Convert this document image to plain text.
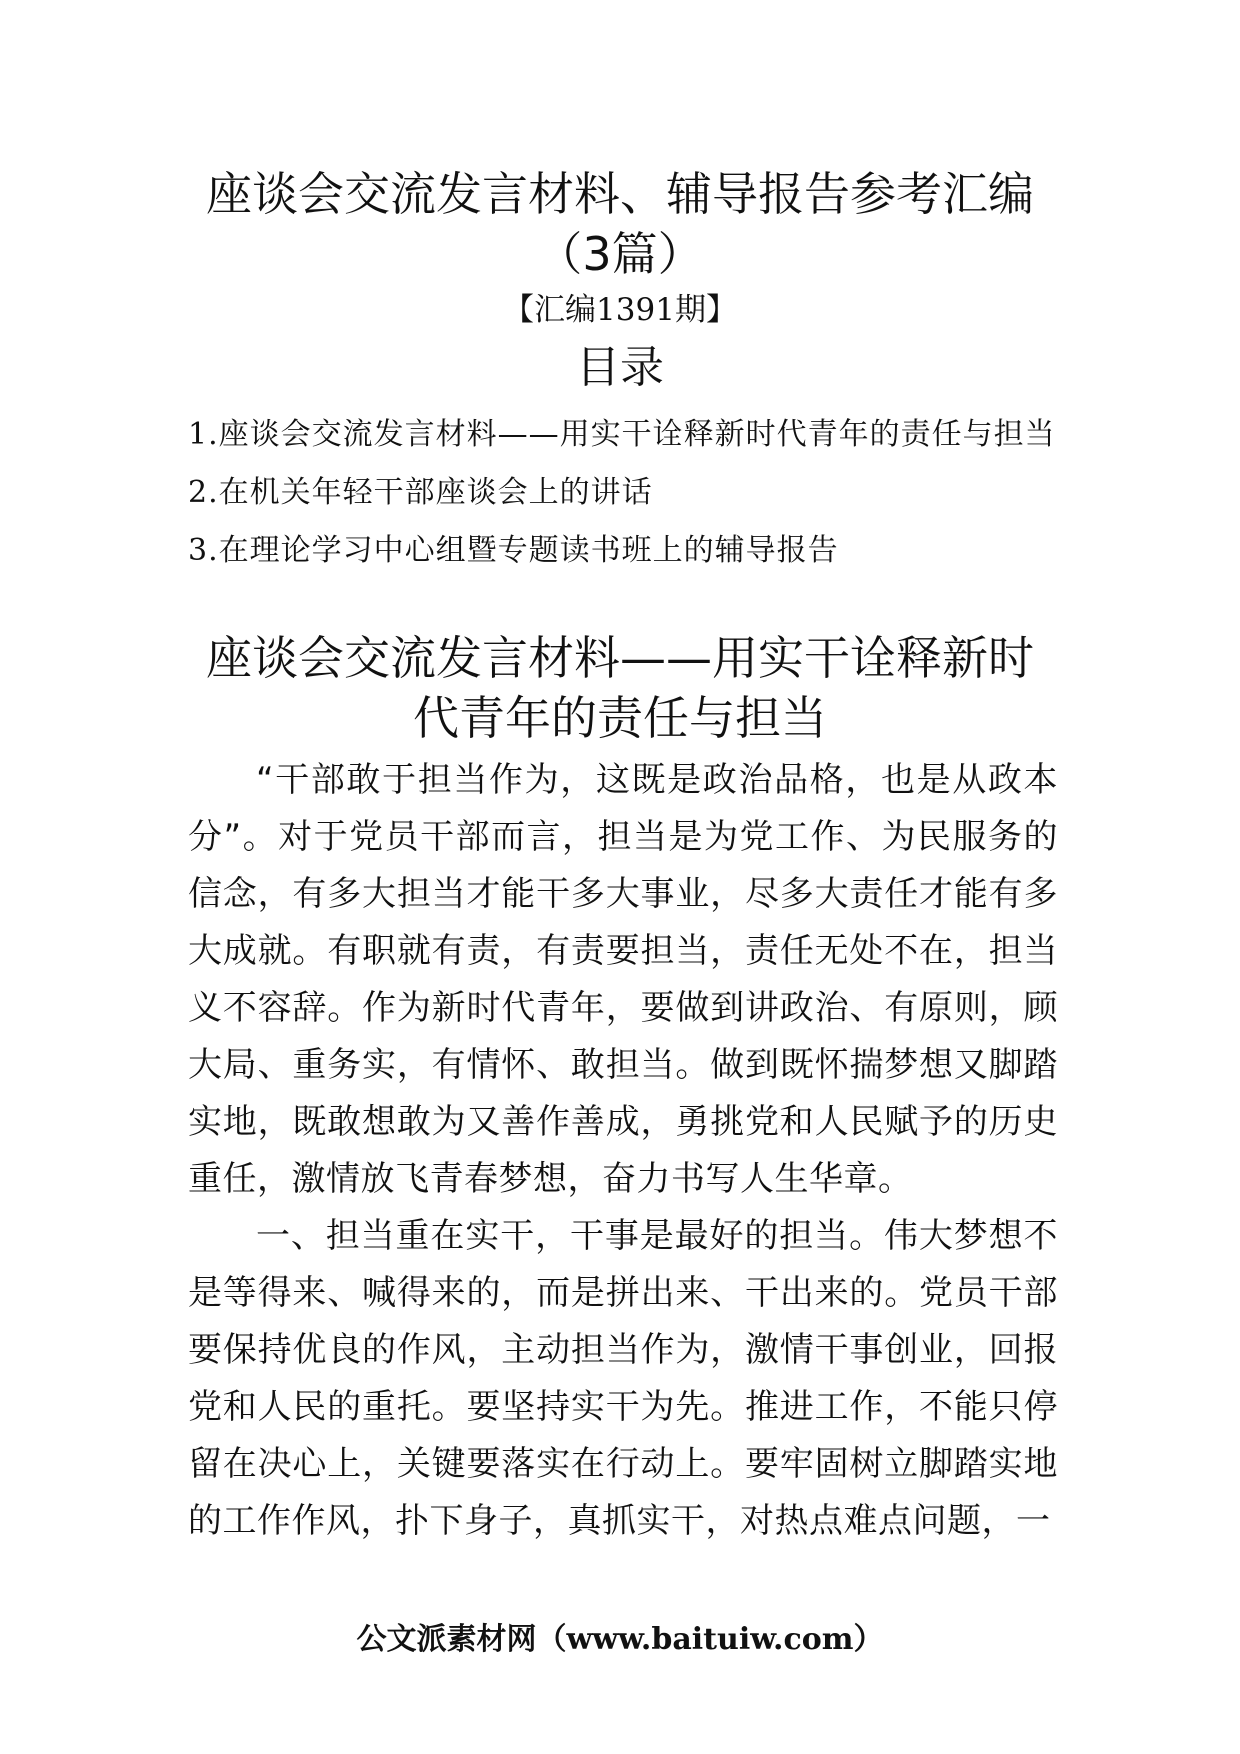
座谈会交流发言材料、辅导报告参考汇编
（3篇）

【汇编1391期】

目录
1.座谈会交流发言材料——用实干诠释新时代青年的责任与担当
2.在机关年轻干部座谈会上的讲话
3.在理论学习中心组暨专题读书班上的辅导报告
座谈会交流发言材料——用实干诠释新时
代青年的责任与担当

“干部敢于担当作为，这既是政治品格，也是从政本分”。对于党员干部而言，担当是为党工作、为民服务的信念，有多大担当才能干多大事业，尽多大责任才能有多大成就。有职就有责，有责要担当，责任无处不在，担当义不容辞。作为新时代青年，要做到讲政治、有原则，顾大局、重务实，有情怀、敢担当。做到既怀揣梦想又脚踏实地，既敢想敢为又善作善成，勇挑党和人民赋予的历史重任，激情放飞青春梦想，奋力书写人生华章。

一、担当重在实干，干事是最好的担当。伟大梦想不是等得来、喊得来的，而是拼出来、干出来的。党员干部要保持优良的作风，主动担当作为，激情干事创业，回报党和人民的重托。要坚持实干为先。推进工作，不能只停留在决心上，关键要落实在行动上。要牢固树立脚踏实地的工作作风，扑下身子，真抓实干，对热点难点问题，一

公文派素材网（www.baituiw.com）
